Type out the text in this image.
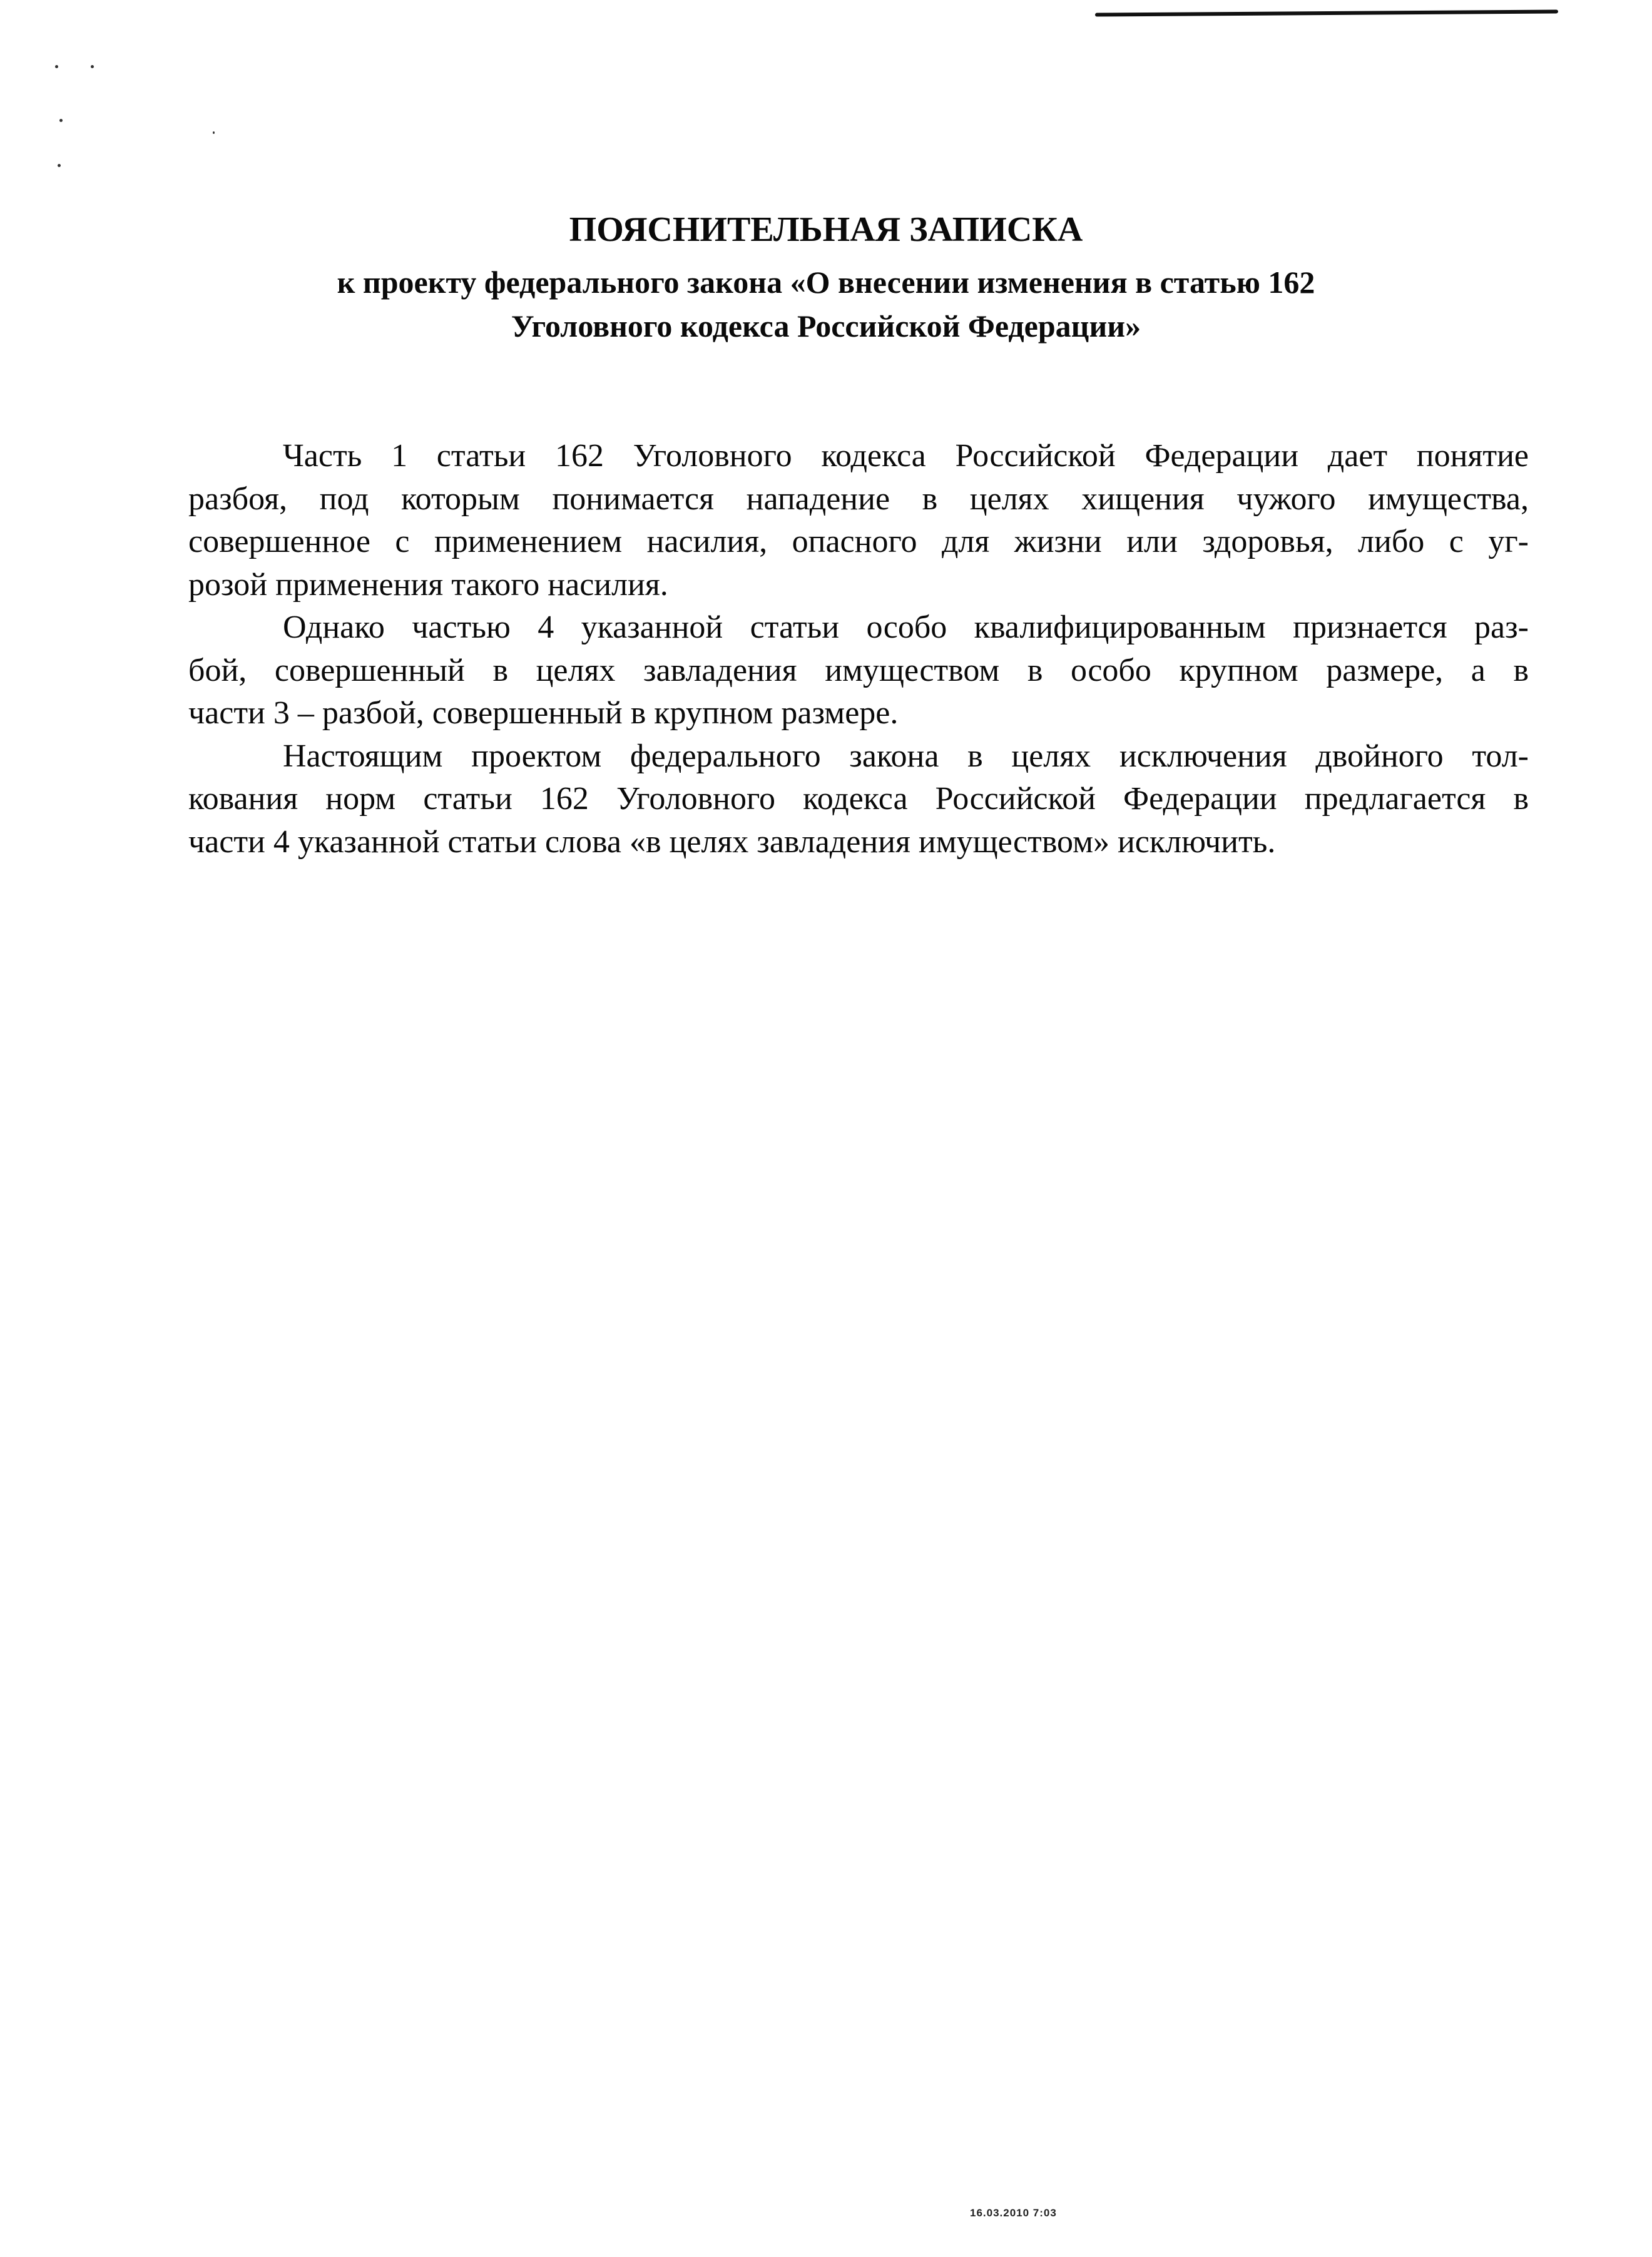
ПОЯСНИТЕЛЬНАЯ ЗАПИСКА
к проекту федерального закона «О внесении изменения в статью 162
Уголовного кодекса Российской Федерации»
Часть 1 статьи 162 Уголовного кодекса Российской Федерации дает понятие
разбоя, под которым понимается нападение в целях хищения чужого имущества,
совершенное с применением насилия, опасного для жизни или здоровья, либо с уг-
розой применения такого насилия.
Однако частью 4 указанной статьи особо квалифицированным признается раз-
бой, совершенный в целях завладения имуществом в особо крупном размере, а в
части 3 – разбой, совершенный в крупном размере.
Настоящим проектом федерального закона в целях исключения двойного тол-
кования норм статьи 162 Уголовного кодекса Российской Федерации предлагается в
части 4 указанной статьи слова «в целях завладения имуществом» исключить.
16.03.2010 7:03
